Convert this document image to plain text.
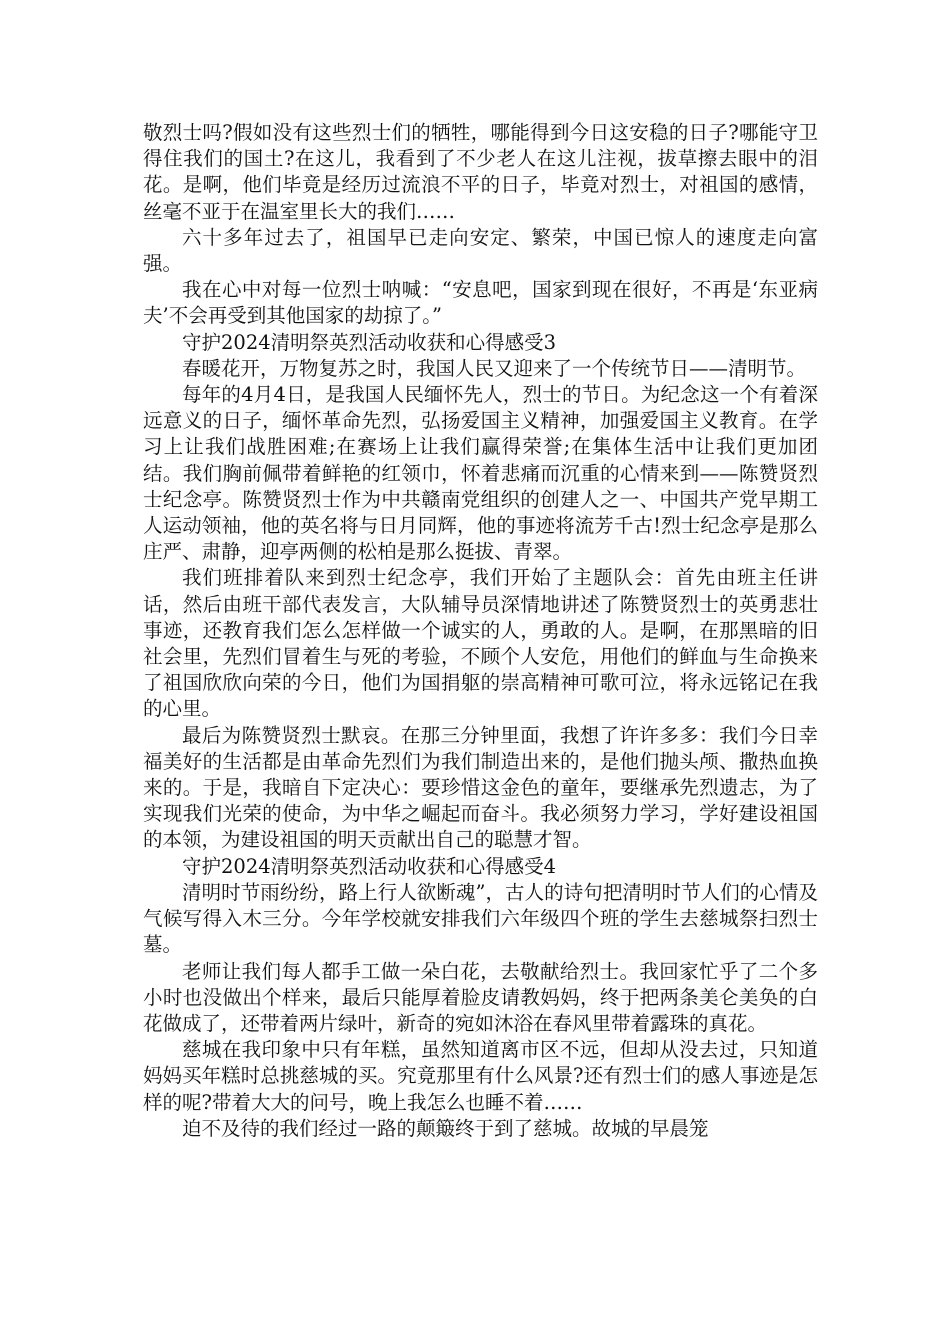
敬烈士吗?假如没有这些烈士们的牺牲，哪能得到今日这安稳的日子?哪能守卫得住我们的国土?在这儿，我看到了不少老人在这儿注视，拔草擦去眼中的泪花。是啊，他们毕竟是经历过流浪不平的日子，毕竟对烈士，对祖国的感情，丝毫不亚于在温室里长大的我们……

六十多年过去了，祖国早已走向安定、繁荣，中国已惊人的速度走向富强。

我在心中对每一位烈士呐喊：“安息吧，国家到现在很好，不再是‘东亚病夫’不会再受到其他国家的劫掠了。”

守护2024清明祭英烈活动收获和心得感受3

春暖花开，万物复苏之时，我国人民又迎来了一个传统节日——清明节。

每年的4月4日，是我国人民缅怀先人，烈士的节日。为纪念这一个有着深远意义的日子，缅怀革命先烈，弘扬爱国主义精神，加强爱国主义教育。在学习上让我们战胜困难;在赛场上让我们赢得荣誉;在集体生活中让我们更加团结。我们胸前佩带着鲜艳的红领巾，怀着悲痛而沉重的心情来到——陈赞贤烈士纪念亭。陈赞贤烈士作为中共赣南党组织的创建人之一、中国共产党早期工人运动领袖，他的英名将与日月同辉，他的事迹将流芳千古!烈士纪念亭是那么庄严、肃静，迎亭两侧的松柏是那么挺拔、青翠。

我们班排着队来到烈士纪念亭，我们开始了主题队会：首先由班主任讲话，然后由班干部代表发言，大队辅导员深情地讲述了陈赞贤烈士的英勇悲壮事迹，还教育我们怎么怎样做一个诚实的人，勇敢的人。是啊，在那黑暗的旧社会里，先烈们冒着生与死的考验，不顾个人安危，用他们的鲜血与生命换来了祖国欣欣向荣的今日，他们为国捐躯的崇高精神可歌可泣，将永远铭记在我的心里。

最后为陈赞贤烈士默哀。在那三分钟里面，我想了许许多多：我们今日幸福美好的生活都是由革命先烈们为我们制造出来的，是他们抛头颅、撒热血换来的。于是，我暗自下定决心：要珍惜这金色的童年，要继承先烈遗志，为了实现我们光荣的使命，为中华之崛起而奋斗。我必须努力学习，学好建设祖国的本领，为建设祖国的明天贡献出自己的聪慧才智。

守护2024清明祭英烈活动收获和心得感受4

清明时节雨纷纷，路上行人欲断魂”，古人的诗句把清明时节人们的心情及气候写得入木三分。今年学校就安排我们六年级四个班的学生去慈城祭扫烈士墓。

老师让我们每人都手工做一朵白花，去敬献给烈士。我回家忙乎了二个多小时也没做出个样来，最后只能厚着脸皮请教妈妈，终于把两条美仑美奂的白花做成了，还带着两片绿叶，新奇的宛如沐浴在春风里带着露珠的真花。

慈城在我印象中只有年糕，虽然知道离市区不远，但却从没去过，只知道妈妈买年糕时总挑慈城的买。究竟那里有什么风景?还有烈士们的感人事迹是怎样的呢?带着大大的问号，晚上我怎么也睡不着……

迫不及待的我们经过一路的颠簸终于到了慈城。故城的早晨笼
